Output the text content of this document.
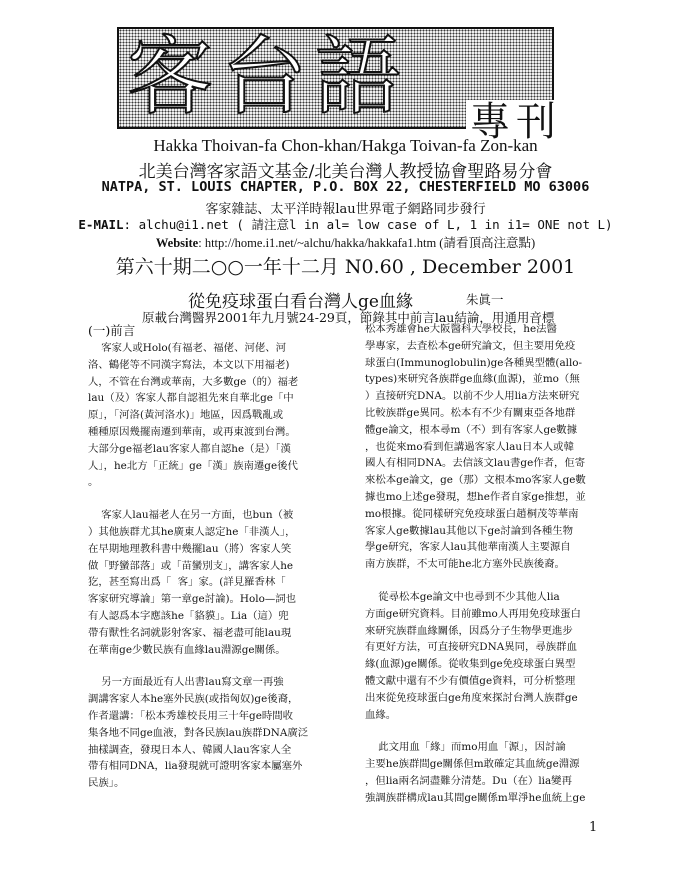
客台語 專刊
Hakka Thoivan-fa Chon-khan/Hakga Toivan-fa Zon-kan
北美台灣客家語文基金/北美台灣人教授協會聖路易分會
NATPA, ST. LOUIS CHAPTER, P.O. BOX 22, CHESTERFIELD MO 63006
客家雜誌、太平洋時報lau世界電子網路同步發行
E-MAIL: alchu@i1.net ( 請注意l in al= low case of L, 1 in i1= ONE not L)
Website: http://home.i1.net/~alchu/hakka/hakkafa1.htm (請看頂高注意點)
第六十期二○○一年十二月 N0.60 , December 2001
從免疫球蛋白看台灣人ge血緣	朱眞一
原載台灣醫界2001年九月號24-29頁，節錄其中前言lau結論，用通用音標
(一)前言

客家人或Holo(有福老、福佬、河佬、河

洛、鶴佬等不同漢字寫法，本文以下用福老)

人，不管在台灣或華南，大多數ge（的）福老

lau（及）客家人都自認祖先來自華北ge「中

原」，「河洛(黃河洛水)」地區，因爲戰亂或

種種原因幾擺南遷到華南，或再東渡到台灣。

大部分ge福老lau客家人都自認he（是）「漢

人」，he北方「正統」ge「漢」族南遷ge後代

。

客家人lau福老人在另一方面，也bun（被

）其他族群尤其he廣東人認定he「非漢人」，

在早期地理教科書中幾擺lau（將）客家人笑

做「野蠻部落」或「苗蠻別支」，講客家人he

犵，甚至寫出爲「  客」家。(詳見羅香林「

客家研究導論」第一章ge討論)。Holo—詞也

有人認爲本字應該he「貉貘」。Lia（這）兜

帶有獸性名詞就影射客家、福老盡可能lau現

在華南ge少數民族有血緣lau淵源ge關係。

另一方面最近有人出書lau寫文章一再強

調講客家人本he塞外民族(或指匈奴)ge後裔，

作者還講：「松本秀雄校長用三十年ge時間收

集各地不同ge血液，對各民族lau族群DNA廣泛

抽樣調查，發現日本人、韓國人lau客家人全

帶有相同DNA，lia發現就可證明客家本屬塞外

民族」。

松本秀雄會he大阪醫科大學校長，he法醫

學專家，去査松本ge研究論文，但主要用免疫

球蛋白(Immunoglobulin)ge各種異型體(allo-

types)來研究各族群ge血緣(血源)，並mo（無

）直接研究DNA。以前不少人用lia方法來研究

比較族群ge異同。松本有不少有關東亞各地群

體ge論文，根本尋m（不）到有客家人ge數據

，也從來mo看到佢講過客家人lau日本人或韓

國人有相同DNA。去信該文lau書ge作者，佢寄

來松本ge論文，ge（那）文根本mo客家人ge數

據也mo上述ge發現，想he作者自家ge推想，並

mo根據。從同樣研究免疫球蛋白趙桐茂等華南

客家人ge數據lau其他以下ge討論到各種生物

學ge研究，客家人lau其他華南漢人主要源自

南方族群，不太可能he北方塞外民族後裔。

從尋松本ge論文中也尋到不少其他人lia

方面ge研究資料。目前雖mo人再用免疫球蛋白

來研究族群血緣關係，因爲分子生物學更進步

有更好方法，可直接研究DNA異同，尋族群血

緣(血源)ge關係。從收集到ge免疫球蛋白異型

體文獻中還有不少有價值ge資料，可分析整理

出來從免疫球蛋白ge角度來探討台灣人族群ge

血緣。

此文用血「緣」而mo用血「源」，因討論

主要he族群間ge關係但m敢確定其血統ge淵源

，但lia兩名詞盡難分清楚。Du（在）lia變再

強調族群構成lau其間ge關係m單淨he血統上ge

1
